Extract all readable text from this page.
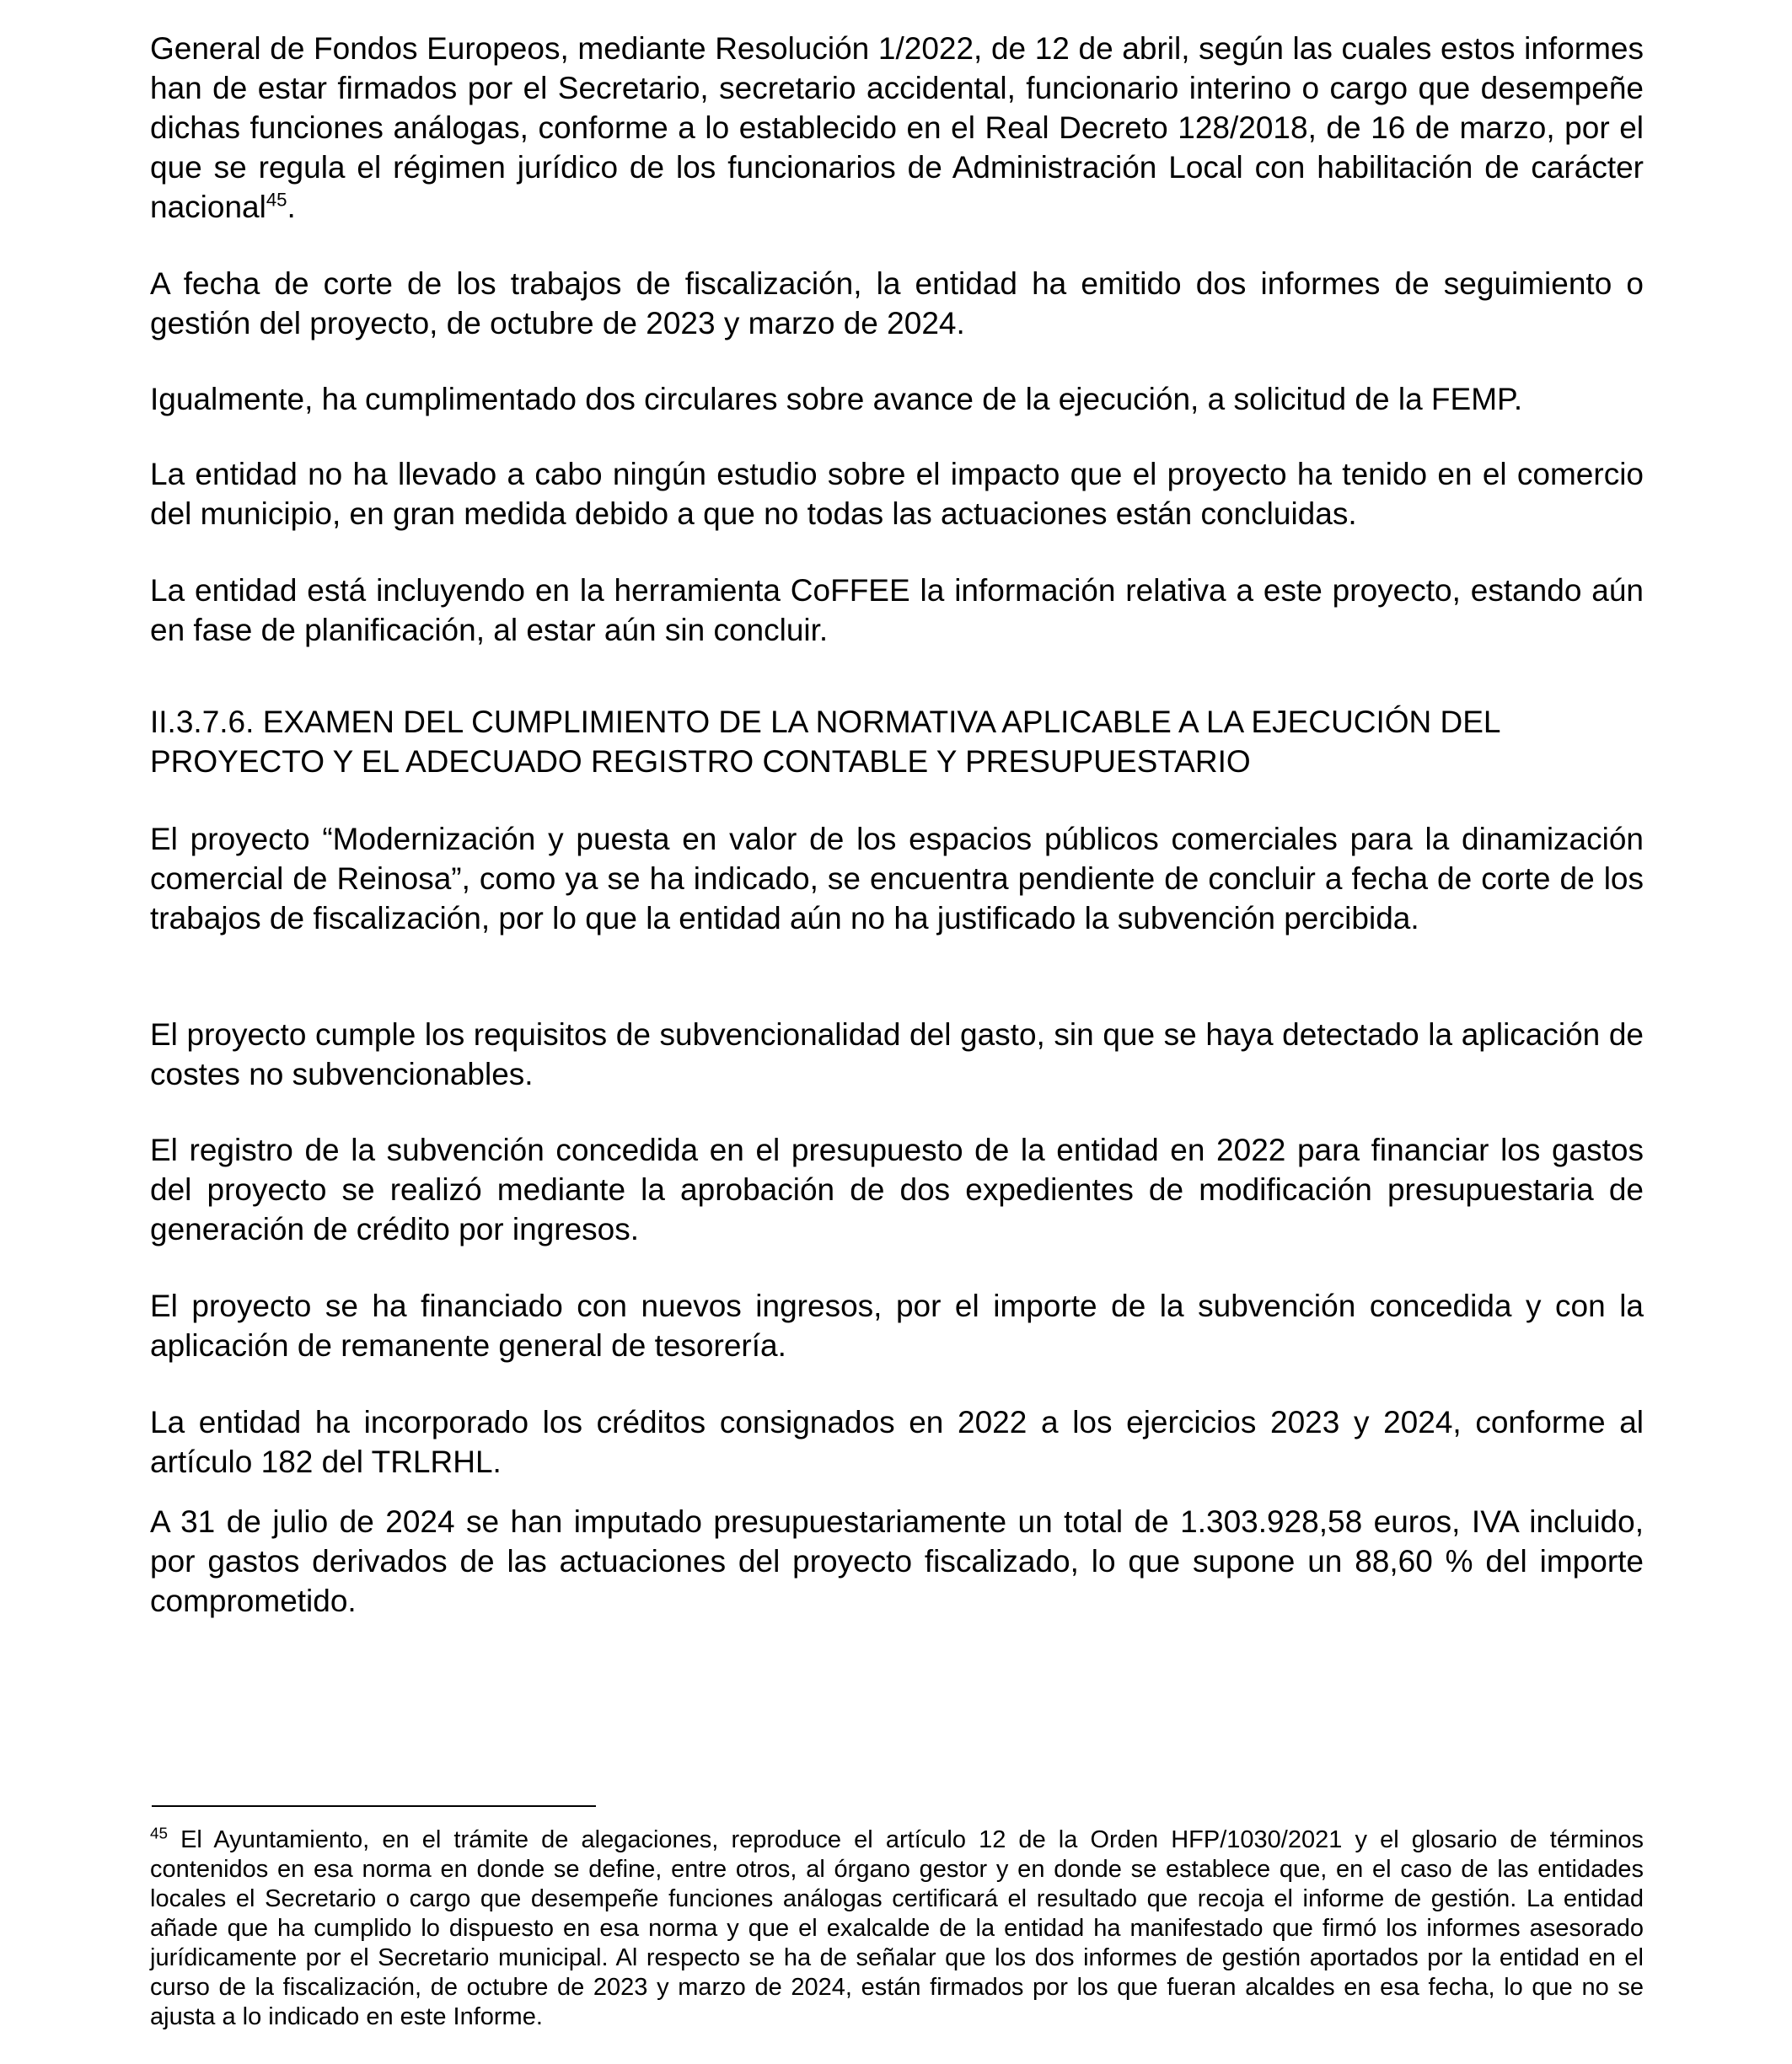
General de Fondos Europeos, mediante Resolución 1/2022, de 12 de abril, según las cuales estos informes han de estar firmados por el Secretario, secretario accidental, funcionario interino o cargo que desempeñe dichas funciones análogas, conforme a lo establecido en el Real Decreto 128/2018, de 16 de marzo, por el que se regula el régimen jurídico de los funcionarios de Administración Local con habilitación de carácter nacional$^{45}$.

A fecha de corte de los trabajos de fiscalización, la entidad ha emitido dos informes de seguimiento o gestión del proyecto, de octubre de 2023 y marzo de 2024.

Igualmente, ha cumplimentado dos circulares sobre avance de la ejecución, a solicitud de la FEMP.

La entidad no ha llevado a cabo ningún estudio sobre el impacto que el proyecto ha tenido en el comercio del municipio, en gran medida debido a que no todas las actuaciones están concluidas.

La entidad está incluyendo en la herramienta CoFFEE la información relativa a este proyecto, estando aún en fase de planificación, al estar aún sin concluir.

II.3.7.6. EXAMEN DEL CUMPLIMIENTO DE LA NORMATIVA APLICABLE A LA EJECUCIÓN DEL PROYECTO Y EL ADECUADO REGISTRO CONTABLE Y PRESUPUESTARIO

El proyecto “Modernización y puesta en valor de los espacios públicos comerciales para la dinamización comercial de Reinosa”, como ya se ha indicado, se encuentra pendiente de concluir a fecha de corte de los trabajos de fiscalización, por lo que la entidad aún no ha justificado la subvención percibida.

El proyecto cumple los requisitos de subvencionalidad del gasto, sin que se haya detectado la aplicación de costes no subvencionables.

El registro de la subvención concedida en el presupuesto de la entidad en 2022 para financiar los gastos del proyecto se realizó mediante la aprobación de dos expedientes de modificación presupuestaria de generación de crédito por ingresos.

El proyecto se ha financiado con nuevos ingresos, por el importe de la subvención concedida y con la aplicación de remanente general de tesorería.

La entidad ha incorporado los créditos consignados en 2022 a los ejercicios 2023 y 2024, conforme al artículo 182 del TRLRHL.

A 31 de julio de 2024 se han imputado presupuestariamente un total de 1.303.928,58 euros, IVA incluido, por gastos derivados de las actuaciones del proyecto fiscalizado, lo que supone un 88,60 % del importe comprometido.

$^{45}$ El Ayuntamiento, en el trámite de alegaciones, reproduce el artículo 12 de la Orden HFP/1030/2021 y el glosario de términos contenidos en esa norma en donde se define, entre otros, al órgano gestor y en donde se establece que, en el caso de las entidades locales el Secretario o cargo que desempeñe funciones análogas certificará el resultado que recoja el informe de gestión. La entidad añade que ha cumplido lo dispuesto en esa norma y que el exalcalde de la entidad ha manifestado que firmó los informes asesorado jurídicamente por el Secretario municipal. Al respecto se ha de señalar que los dos informes de gestión aportados por la entidad en el curso de la fiscalización, de octubre de 2023 y marzo de 2024, están firmados por los que fueran alcaldes en esa fecha, lo que no se ajusta a lo indicado en este Informe.
